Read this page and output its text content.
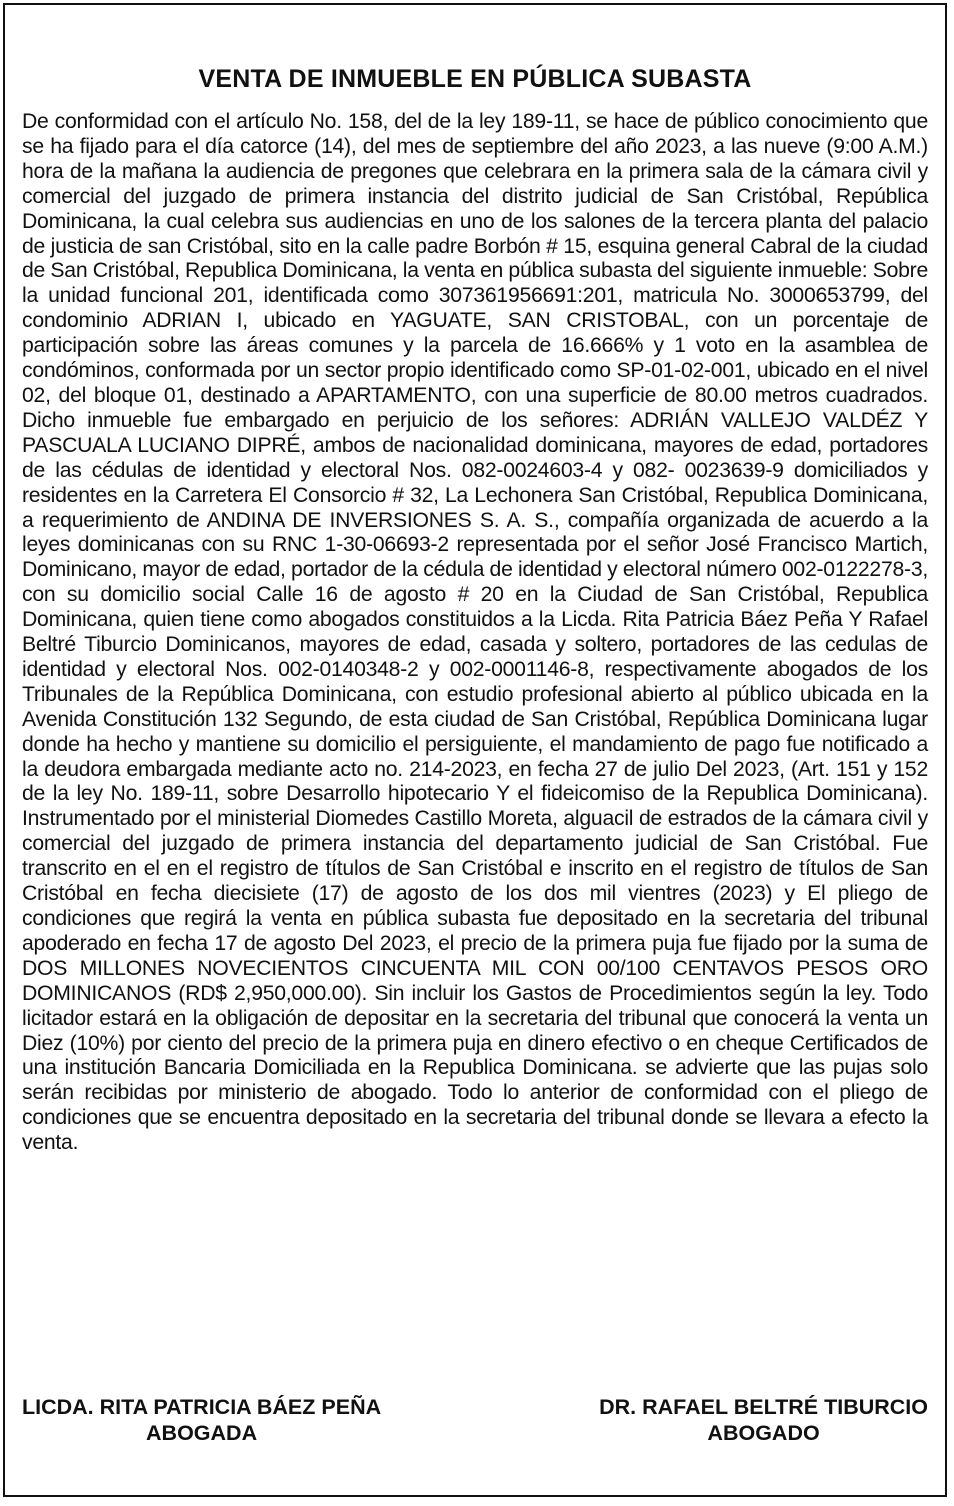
VENTA DE INMUEBLE EN PÚBLICA SUBASTA

De conformidad con el artículo No. 158, del de la ley 189-11, se hace de público conocimiento que se ha fijado para el día catorce (14), del mes de septiembre del año 2023, a las nueve (9:00 A.M.) hora de la mañana la audiencia de pregones que celebrara en la primera sala de la cámara civil y comercial del juzgado de primera instancia del distrito judicial de San Cristóbal, República Dominicana, la cual celebra sus audiencias en uno de los salones de la tercera planta del palacio de justicia de san Cristóbal, sito en la calle padre Borbón # 15, esquina general Cabral de la ciudad de San Cristóbal, Republica Dominicana, la venta en pública subasta del siguiente inmueble: Sobre la unidad funcional 201, identificada como 307361956691:201, matricula No. 3000653799, del condominio ADRIAN I, ubicado en YAGUATE, SAN CRISTOBAL, con un porcentaje de participación sobre las áreas comunes y la parcela de 16.666% y 1 voto en la asamblea de condóminos, conformada por un sector propio identificado como SP-01-02-001, ubicado en el nivel 02, del bloque 01, destinado a APARTAMENTO, con una superficie de 80.00 metros cuadrados. Dicho inmueble fue embargado en perjuicio de los señores: ADRIÁN VALLEJO VALDÉZ Y PASCUALA LUCIANO DIPRÉ, ambos de nacionalidad dominicana, mayores de edad, portadores de las cédulas de identidad y electoral Nos. 082-0024603-4 y 082- 0023639-9 domiciliados y residentes en la Carretera El Consorcio # 32, La Lechonera San Cristóbal, Republica Dominicana, a requerimiento de ANDINA DE INVERSIONES S. A. S., compañía organizada de acuerdo a la leyes dominicanas con su RNC 1-30-06693-2 representada por el señor José Francisco Martich, Dominicano, mayor de edad, portador de la cédula de identidad y electoral número 002-0122278-3, con su domicilio social Calle 16 de agosto # 20 en la Ciudad de San Cristóbal, Republica Dominicana, quien tiene como abogados constituidos a la Licda. Rita Patricia Báez Peña Y Rafael Beltré Tiburcio Dominicanos, mayores de edad, casada y soltero, portadores de las cedulas de identidad y electoral Nos. 002-0140348-2 y 002-0001146-8, respectivamente abogados de los Tribunales de la República Dominicana, con estudio profesional abierto al público ubicada en la Avenida Constitución 132 Segundo, de esta ciudad de San Cristóbal, República Dominicana lugar donde ha hecho y mantiene su domicilio el persiguiente, el mandamiento de pago fue notificado a la deudora embargada mediante acto no. 214-2023, en fecha 27 de julio Del 2023, (Art. 151 y 152 de la ley No. 189-11, sobre Desarrollo hipotecario Y el fideicomiso de la Republica Dominicana). Instrumentado por el ministerial Diomedes Castillo Moreta, alguacil de estrados de la cámara civil y comercial del juzgado de primera instancia del departamento judicial de San Cristóbal. Fue transcrito en el en el registro de títulos de San Cristóbal e inscrito en el registro de títulos de San Cristóbal en fecha diecisiete (17) de agosto de los dos mil vientres (2023) y El pliego de condiciones que regirá la venta en pública subasta fue depositado en la secretaria del tribunal apoderado en fecha 17 de agosto Del 2023, el precio de la primera puja fue fijado por la suma de DOS MILLONES NOVECIENTOS CINCUENTA MIL CON 00/100 CENTAVOS PESOS ORO DOMINICANOS (RD$ 2,950,000.00). Sin incluir los Gastos de Procedimientos según la ley. Todo licitador estará en la obligación de depositar en la secretaria del tribunal que conocerá la venta un Diez (10%) por ciento del precio de la primera puja en dinero efectivo o en cheque Certificados de una institución Bancaria Domiciliada en la Republica Dominicana. se advierte que las pujas solo serán recibidas por ministerio de abogado. Todo lo anterior de conformidad con el pliego de condiciones que se encuentra depositado en la secretaria del tribunal donde se llevara a efecto la venta.

LICDA. RITA PATRICIA BÁEZ PEÑA
ABOGADA
DR. RAFAEL BELTRÉ TIBURCIO
ABOGADO
